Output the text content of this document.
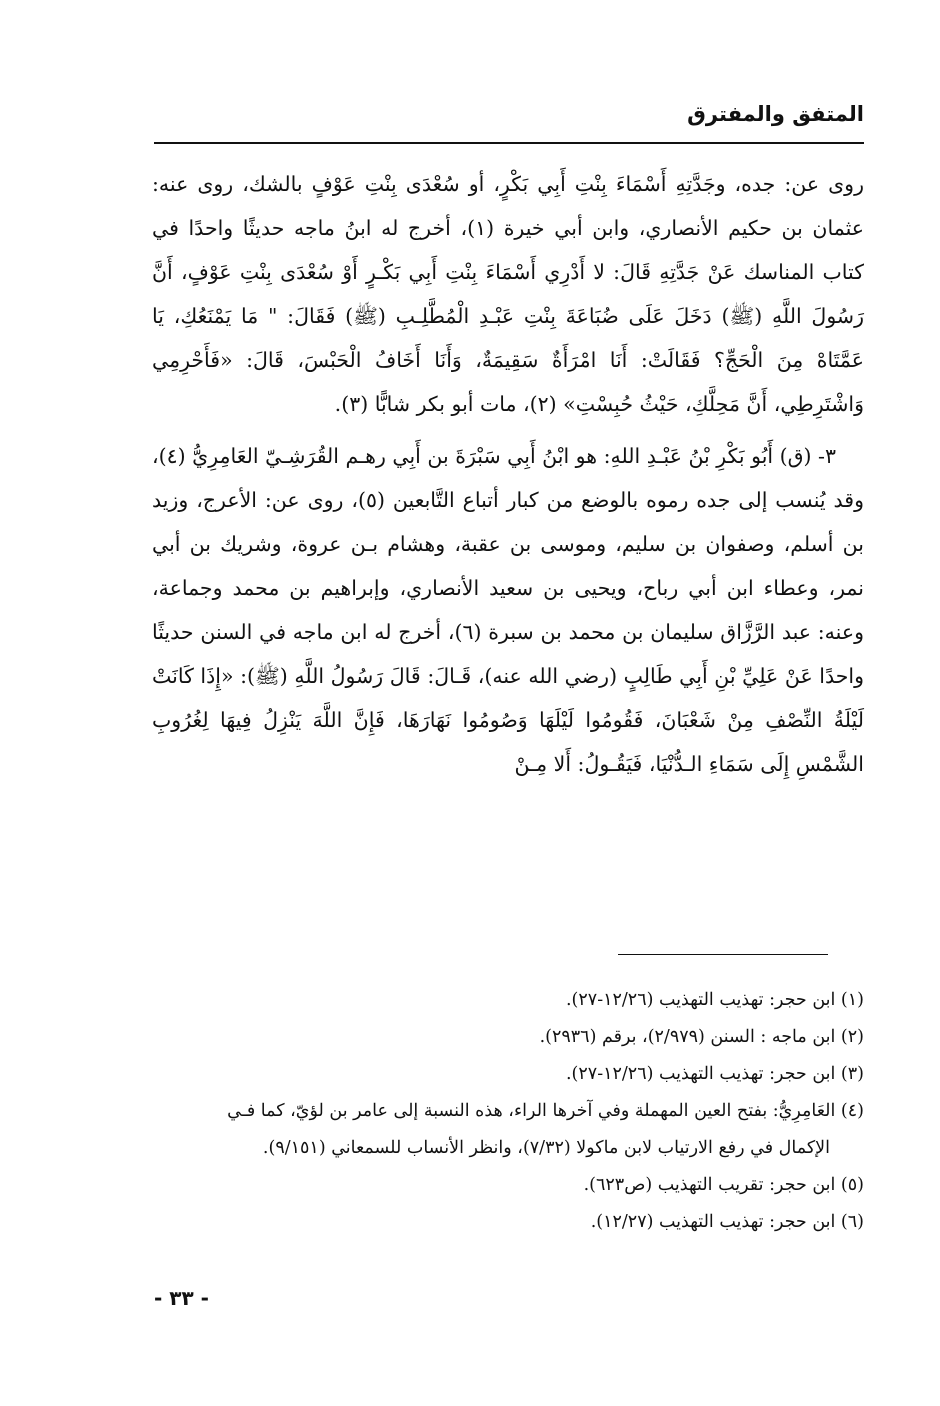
المتفق والمفترق

روى عن: جده، وجَدَّتِهِ أَسْمَاءَ بِنْتِ أَبِي بَكْرٍ، أو سُعْدَى بِنْتِ عَوْفٍ بالشك، روى عنه: عثمان بن حكيم الأنصاري، وابن أبي خيرة (١)، أخرج له ابنُ ماجه حديثًا واحدًا في كتاب المناسك عَنْ جَدَّتِهِ قَالَ: لا أَدْرِي أَسْمَاءَ بِنْتِ أَبِي بَكْـرٍ أَوْ سُعْدَى بِنْتِ عَوْفٍ، أَنَّ رَسُولَ اللَّهِ (ﷺ) دَخَلَ عَلَى ضُبَاعَةَ بِنْتِ عَبْـدِ الْمُطَّلِـبِ (ﷺ) فَقَالَ: " مَا يَمْنَعُكِ، يَا عَمَّتَاهْ مِنَ الْحَجِّ؟ فَقَالَتْ: أَنَا امْرَأَةٌ سَقِيمَةٌ، وَأَنَا أَخَافُ الْحَبْسَ، قَالَ: «فَأَحْرِمِي وَاشْتَرِطِي، أَنَّ مَحِلَّكِ، حَيْثُ حُبِسْتِ» (٢)، مات أبو بكر شابًّا (٣).

٣- (ق) أَبُو بَكْرِ بْنُ عَبْـدِ اللهِ: هو ابْنُ أَبِي سَبْرَةَ بن أَبِي رهـم القُرَشِـيّ العَامِرِيُّ (٤)، وقد يُنسب إلى جده رموه بالوضع من كبار أتباع التَّابعين (٥)، روى عن: الأعرج، وزيد بن أسلم، وصفوان بن سليم، وموسى بن عقبة، وهشام بـن عروة، وشريك بن أبي نمر، وعطاء ابن أبي رباح، ويحيى بن سعيد الأنصاري، وإبراهيم بن محمد وجماعة، وعنه: عبد الرَّزَّاق سليمان بن محمد بن سبرة (٦)، أخرج له ابن ماجه في السنن حديثًا واحدًا عَنْ عَلِيِّ بْنِ أَبِي طَالِبٍ (رضي الله عنه)، قَـالَ: قَالَ رَسُولُ اللَّهِ (ﷺ): «إِذَا كَانَتْ لَيْلَةُ النِّصْفِ مِنْ شَعْبَانَ، فَقُومُوا لَيْلَهَا وَصُومُوا نَهَارَهَا، فَإِنَّ اللَّهَ يَنْزِلُ فِيهَا لِغُرُوبِ الشَّمْسِ إِلَى سَمَاءِ الـدُّنْيَا، فَيَقُـولُ: أَلا مِـنْ

(١) ابن حجر: تهذيب التهذيب (١٢/٢٦-٢٧).
(٢) ابن ماجه : السنن (٢/٩٧٩)، برقم (٢٩٣٦).
(٣) ابن حجر: تهذيب التهذيب (١٢/٢٦-٢٧).
(٤) العَامِرِيُّ: بفتح العين المهملة وفي آخرها الراء، هذه النسبة إلى عامر بن لؤيّ، كما فـي
الإكمال في رفع الارتياب لابن ماكولا (٧/٣٢)، وانظر الأنساب للسمعاني (٩/١٥١).
(٥) ابن حجر: تقريب التهذيب (ص٦٢٣).
(٦) ابن حجر: تهذيب التهذيب (١٢/٢٧).
- ٣٣ -
